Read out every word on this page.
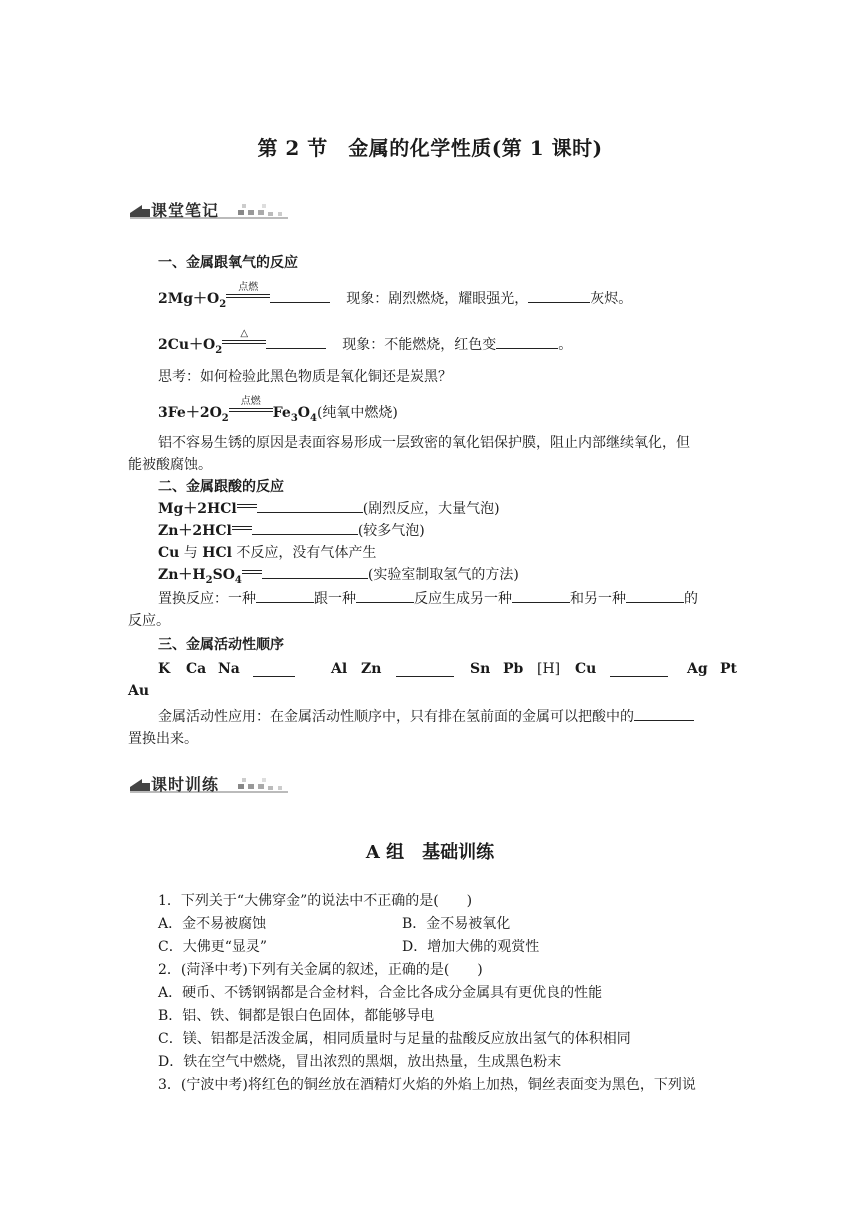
第 2 节　金属的化学性质(第 1 课时)
课堂笔记
一、金属跟氧气的反应
$2Mg+O_2$
点燃
现象：剧烈燃烧，耀眼强光，	灰烬。
$2Cu+O_2$
△
现象：不能燃烧，红色变	。
思考：如何检验此黑色物质是氧化铜还是炭黑？
$3Fe+2O_2$
点燃
$Fe_3O_4$(纯氧中燃烧)
铝不容易生锈的原因是表面容易形成一层致密的氧化铝保护膜，阻止内部继续氧化，但
能被酸腐蚀。
二、金属跟酸的反应
Mg＋2HCl	(剧烈反应，大量气泡)
Zn＋2HCl	(较多气泡)
Cu 与 HCl 不反应，没有气体产生
$Zn+H_2SO_4$	(实验室制取氢气的方法)
置换反应：一种	跟一种	反应生成另一种	和另一种	的
反应。
三、金属活动性顺序
K Ca Na	Al Zn	Sn Pb [H] Cu	Ag Pt
Au
金属活动性应用：在金属活动性顺序中，只有排在氢前面的金属可以把酸中的
置换出来。
课时训练
A 组　基础训练
1．下列关于“大佛穿金”的说法中不正确的是(　　)
A．金不易被腐蚀	B．金不易被氧化
C．大佛更“显灵”	D．增加大佛的观赏性
2．(菏泽中考)下列有关金属的叙述，正确的是(　　)
A．硬币、不锈钢锅都是合金材料，合金比各成分金属具有更优良的性能
B．铝、铁、铜都是银白色固体，都能够导电
C．镁、铝都是活泼金属，相同质量时与足量的盐酸反应放出氢气的体积相同
D．铁在空气中燃烧，冒出浓烈的黑烟，放出热量，生成黑色粉末
3．(宁波中考)将红色的铜丝放在酒精灯火焰的外焰上加热，铜丝表面变为黑色，下列说
